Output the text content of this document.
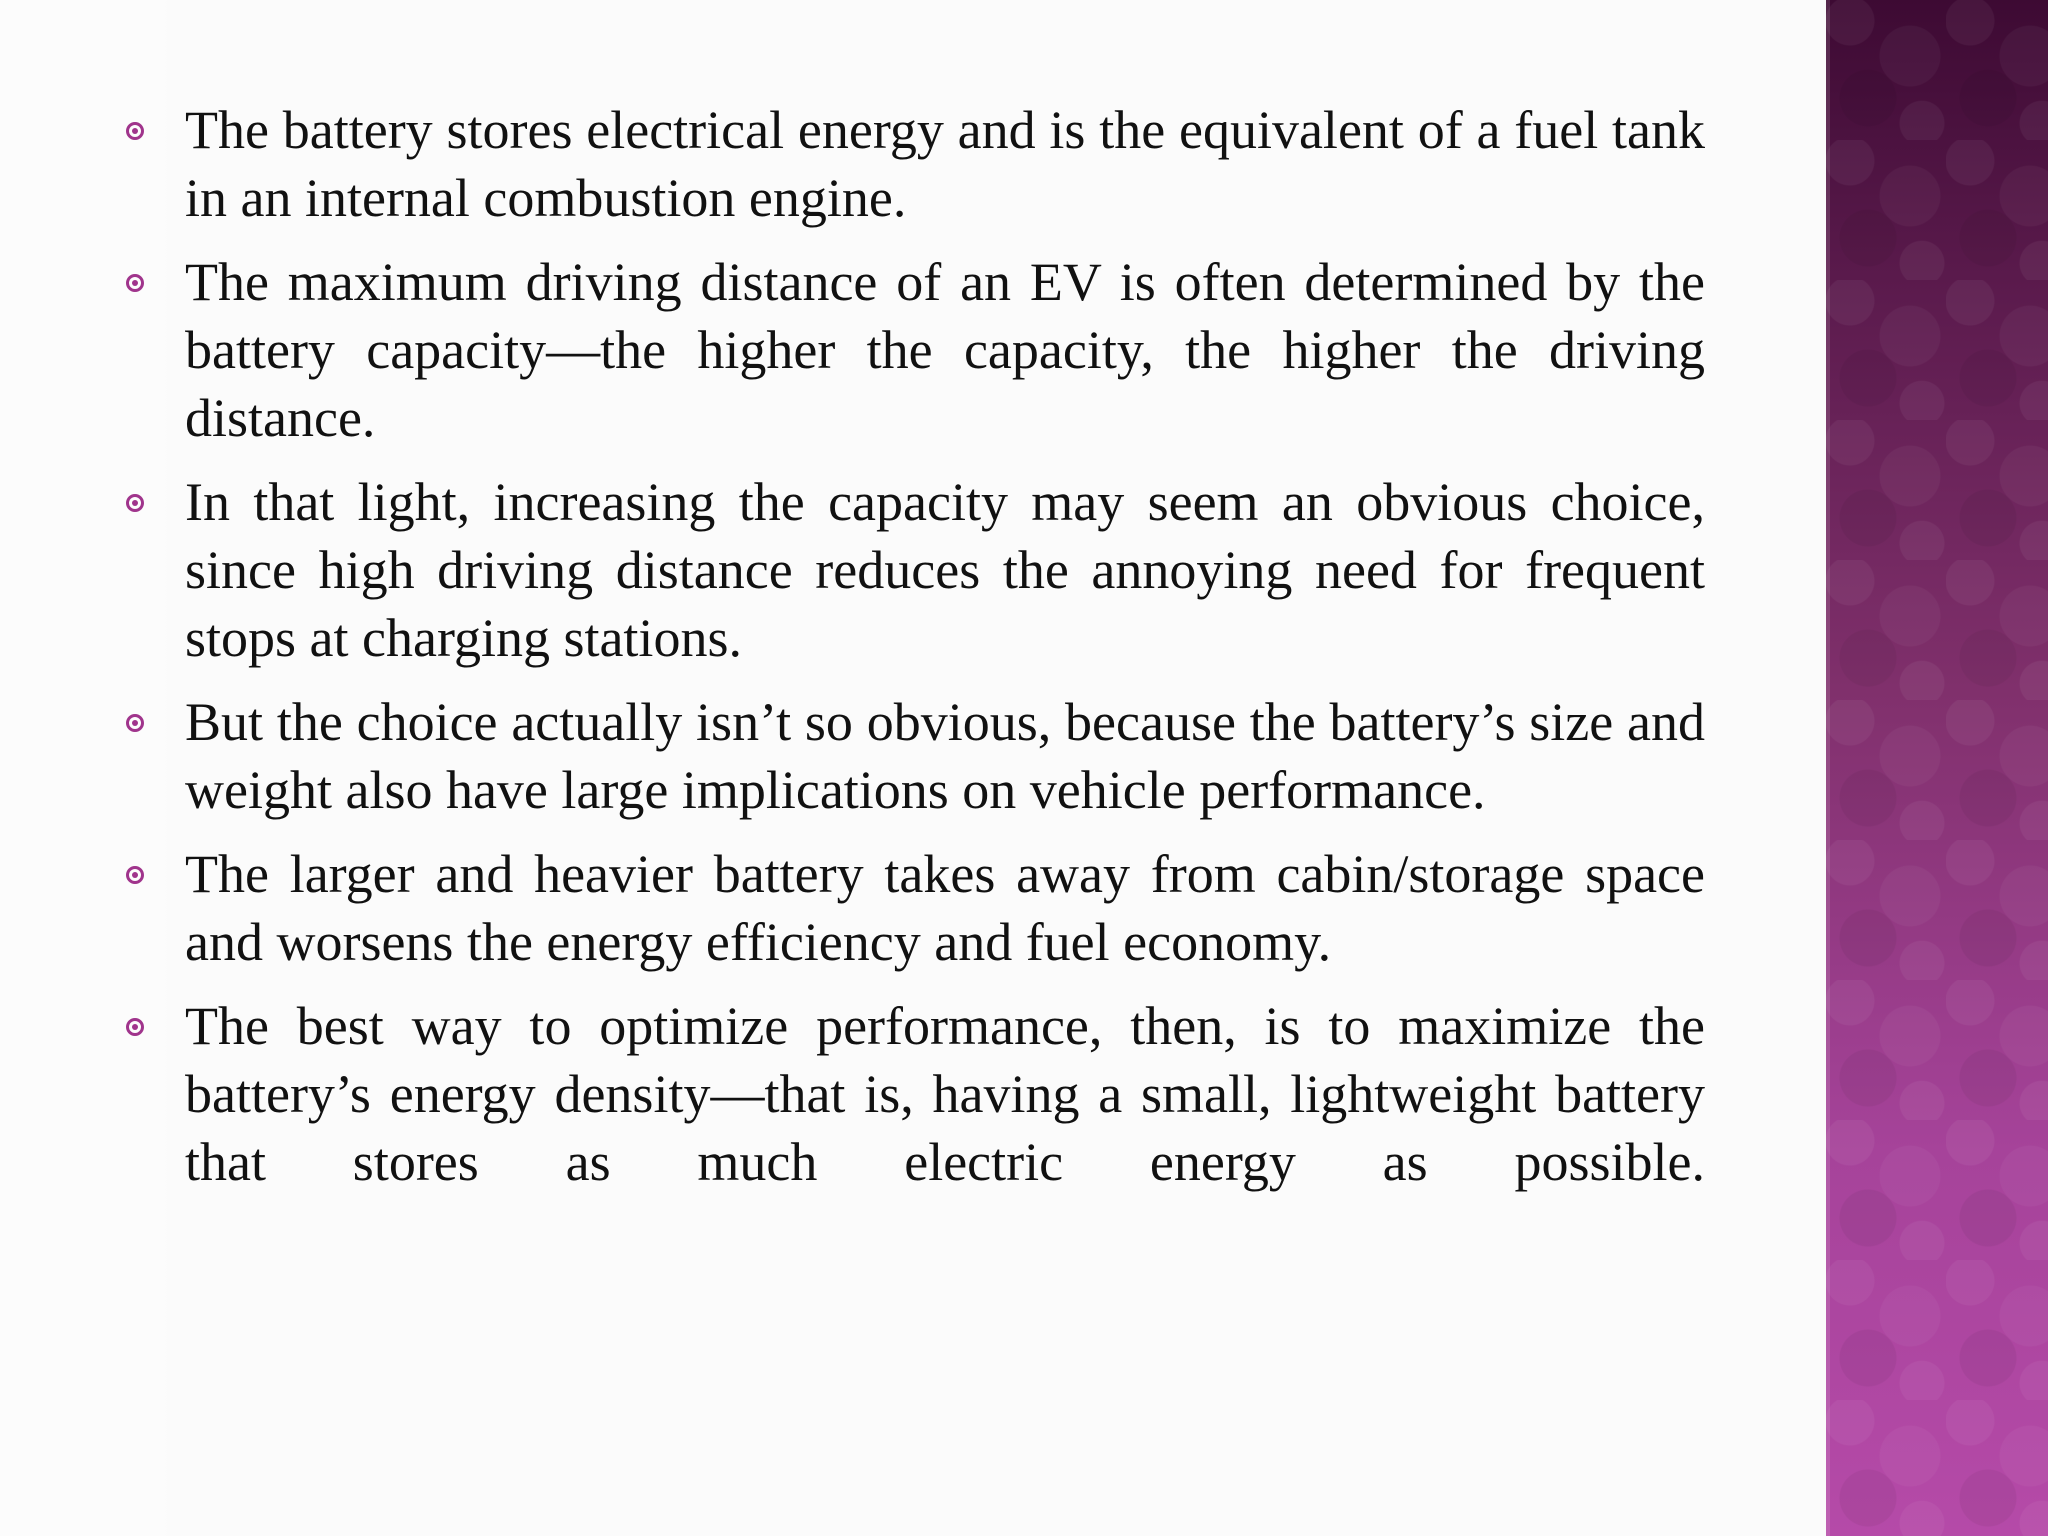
The battery stores electrical energy and is the equivalent of a fuel tank in an internal combustion engine.
The maximum driving distance of an EV is often determined by the battery capacity—the higher the capacity, the higher the driving distance.
In that light, increasing the capacity may seem an obvious choice, since high driving distance reduces the annoying need for frequent stops at charging stations.
But the choice actually isn’t so obvious, because the battery’s size and weight also have large implications on vehicle performance.
The larger and heavier battery takes away from cabin/storage space and worsens the energy efficiency and fuel economy.
The best way to optimize performance, then, is to maximize the battery’s energy density—that is, having a small, lightweight battery that stores as much electric energy as possible.
